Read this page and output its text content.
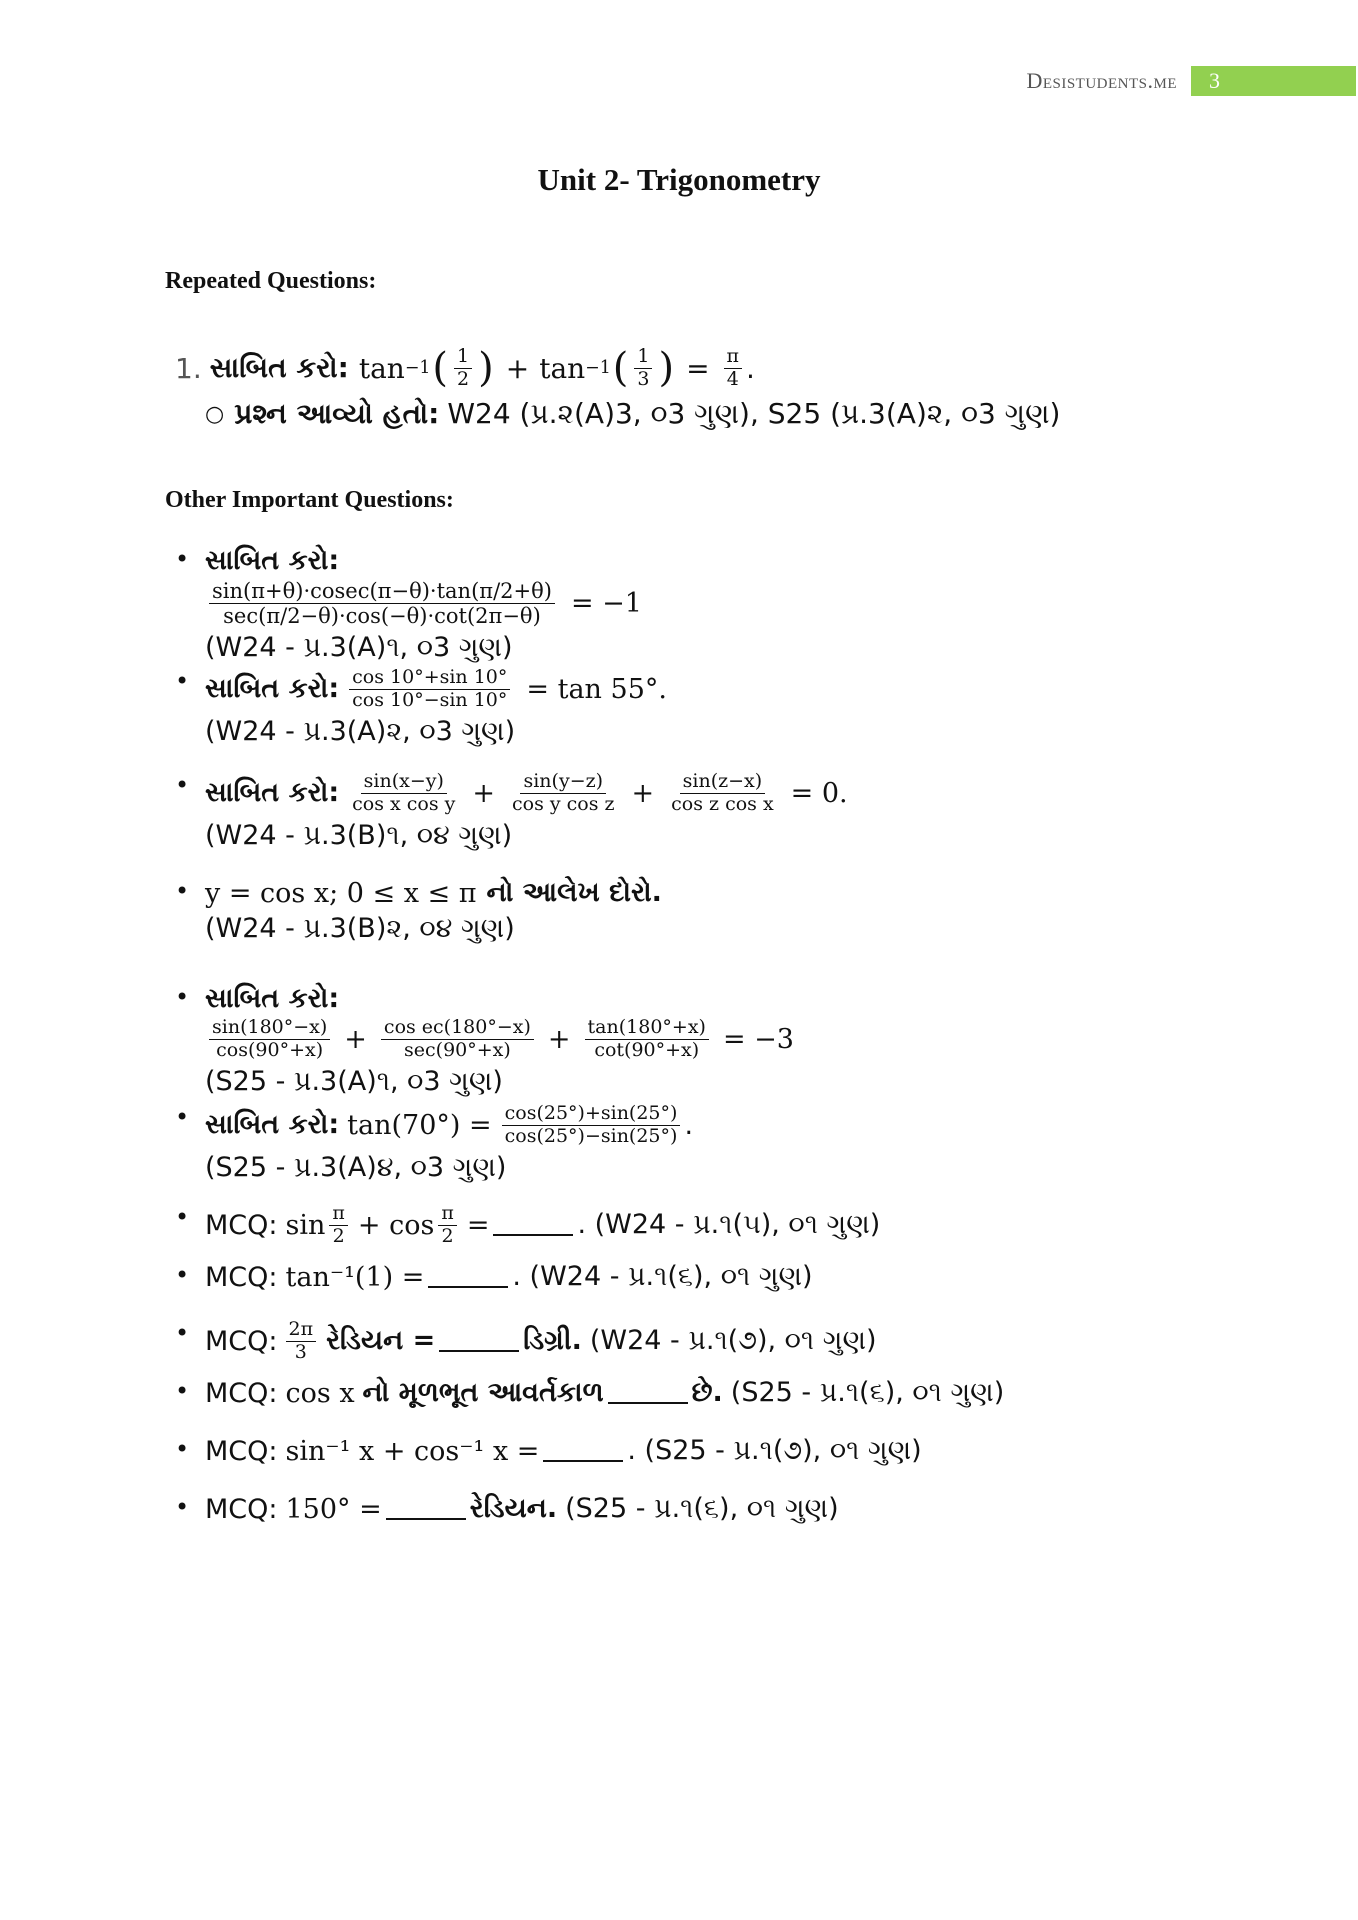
Desistudents.me	3
Unit 2- Trigonometry
Repeated Questions:
1. સાબિત કરો: tan −1 ( $\frac{1}{2}$ ) + tan −1 ( $\frac{1}{3}$ ) = $\frac{\pi}{4}$ .
○ પ્રશ્ન આવ્યો હતો: W24 (પ્ર.૨(A)3, ૦3 ગુણ), S25 (પ્ર.3(A)૨, ૦3 ગુણ)
Other Important Questions:
• સાબિત કરો:
$\frac{\sin(\pi+\theta)\cdot cosec(\pi-\theta)\cdot\tan(\pi/2+\theta)}{\sec(\pi/2-\theta)\cdot\cos(-\theta)\cdot\cot(2\pi-\theta)} = -1$
(W24 - પ્ર.3(A)૧, ૦3 ગુણ)
• સાબિત કરો: $\frac{\cos 10^\circ+\sin 10^\circ}{\cos 10^\circ-\sin 10^\circ} = \tan 55^\circ$.
(W24 - પ્ર.3(A)૨, ૦3 ગુણ)
• સાબિત કરો: $\frac{\sin(x-y)}{\text{cos x cos y}} + \frac{\sin(y-z)}{\text{cos y cos z}} + \frac{\sin(z-x)}{\text{cos z cos x}} = 0$.
(W24 - પ્ર.3(B)૧, ૦૪ ગુણ)
• y = cos x; 0 ≤ x ≤ π નો આલેખ દોરો.
(W24 - પ્ર.3(B)૨, ૦૪ ગુણ)
• સાબિત કરો:
$\frac{\sin(180^\circ-x)}{\cos(90^\circ+x)} + \frac{\text{cos ec(180°−x)}}{\sec(90^\circ+x)} + \frac{\tan(180^\circ+x)}{\cot(90^\circ+x)} = -3$
(S25 - પ્ર.3(A)૧, ૦3 ગુણ)
• સાબિત કરો: $\tan(70^\circ) = \frac{\cos(25^\circ)+\sin(25^\circ)}{\cos(25^\circ)-\sin(25^\circ)}$ .
(S25 - પ્ર.3(A)૪, ૦3 ગુણ)
• MCQ: $\sin \frac{\pi}{2} + \cos \frac{\pi}{2}$ =	. (W24 - પ્ર.૧(૫), ૦૧ ગુણ)
• MCQ: tan⁻¹(1) =	. (W24 - પ્ર.૧(૬), ૦૧ ગુણ)
• MCQ: $\frac{2\pi}{3}$ રેડિયન =	ડિગ્રી. (W24 - પ્ર.૧(૭), ૦૧ ગુણ)
• MCQ: cos x નો મૂળભૂત આવર્તકાળ	છે. (S25 - પ્ર.૧(૬), ૦૧ ગુણ)
• MCQ: sin⁻¹ x + cos⁻¹ x =	. (S25 - પ્ર.૧(૭), ૦૧ ગુણ)
• MCQ: 150° =	રેડિયન. (S25 - પ્ર.૧(૬), ૦૧ ગુણ)
